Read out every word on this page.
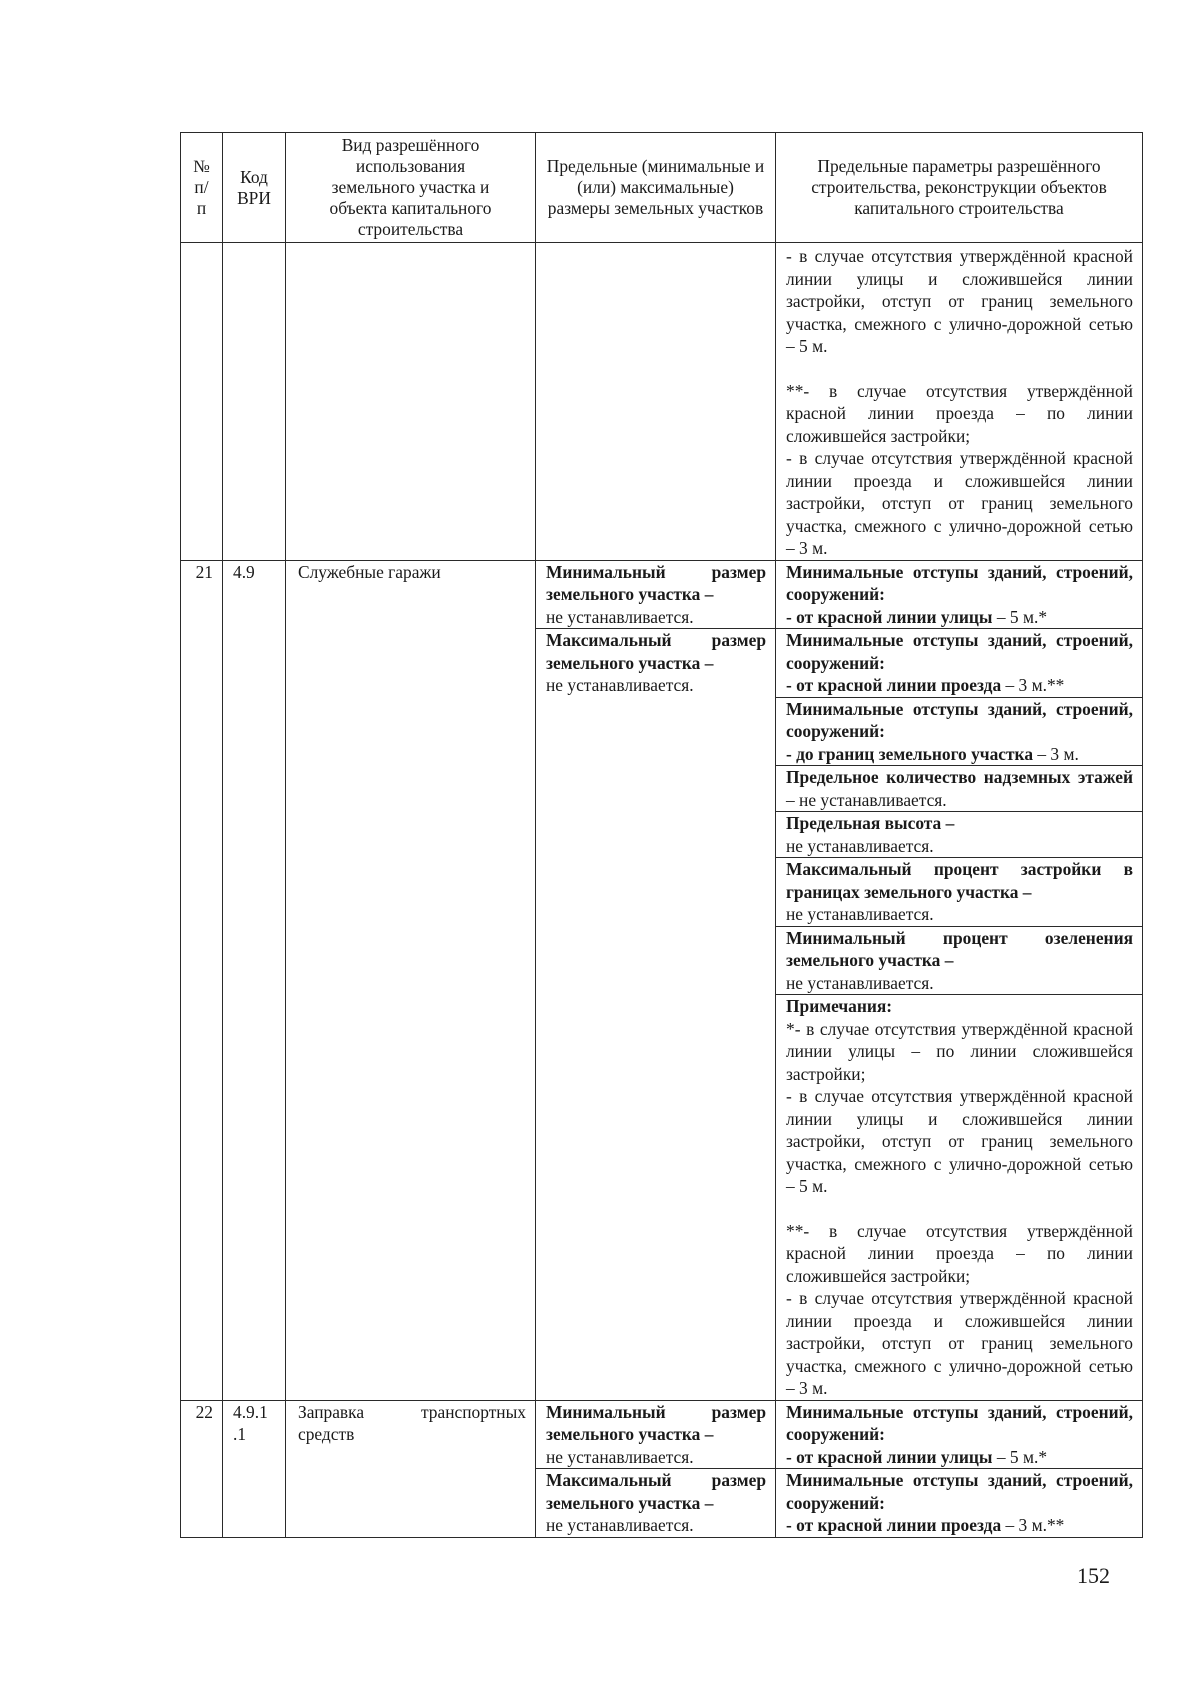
№ п/ п	Код ВРИ	Вид разрешённого использования земельного участка и объекта капитального строительства	Предельные (минимальные и (или) максимальные) размеры земельных участков	Предельные параметры разрешённого строительства, реконструкции объектов капитального строительства

				- в случае отсутствия утверждённой красной линии улицы и сложившейся линии застройки, отступ от границ земельного участка, смежного с улично-дорожной сетью – 5 м.
**- в случае отсутствия утверждённой красной линии проезда – по линии сложившейся застройки;
- в случае отсутствия утверждённой красной линии проезда и сложившейся линии застройки, отступ от границ земельного участка, смежного с улично-дорожной сетью – 3 м.

21	4.9	Служебные гаражи	Минимальный размер земельного участка –
не устанавливается.	Минимальные отступы зданий, строений, сооружений:
- от красной линии улицы – 5 м.*
			Максимальный размер земельного участка –
не устанавливается.	Минимальные отступы зданий, строений, сооружений:
- от красной линии проезда – 3 м.**
				Минимальные отступы зданий, строений, сооружений:
- до границ земельного участка – 3 м.
				Предельное количество надземных этажей – не устанавливается.
				Предельная высота –
не устанавливается.
				Максимальный процент застройки в границах земельного участка –
не устанавливается.

				Минимальный процент озеленения земельного участка –
не устанавливается.

				Примечания:
*- в случае отсутствия утверждённой красной линии улицы – по линии сложившейся застройки;
- в случае отсутствия утверждённой красной линии улицы и сложившейся линии застройки, отступ от границ земельного участка, смежного с улично-дорожной сетью – 5 м.
**- в случае отсутствия утверждённой красной линии проезда – по линии сложившейся застройки;
- в случае отсутствия утверждённой красной линии проезда и сложившейся линии застройки, отступ от границ земельного участка, смежного с улично-дорожной сетью – 3 м.

22	4.9.1 .1	Заправка транспортных средств	Минимальный размер земельного участка –
не устанавливается.	Минимальные отступы зданий, строений, сооружений:
- от красной линии улицы – 5 м.*
			Максимальный размер земельного участка –
не устанавливается.	Минимальные отступы зданий, строений, сооружений:
- от красной линии проезда – 3 м.**
152
